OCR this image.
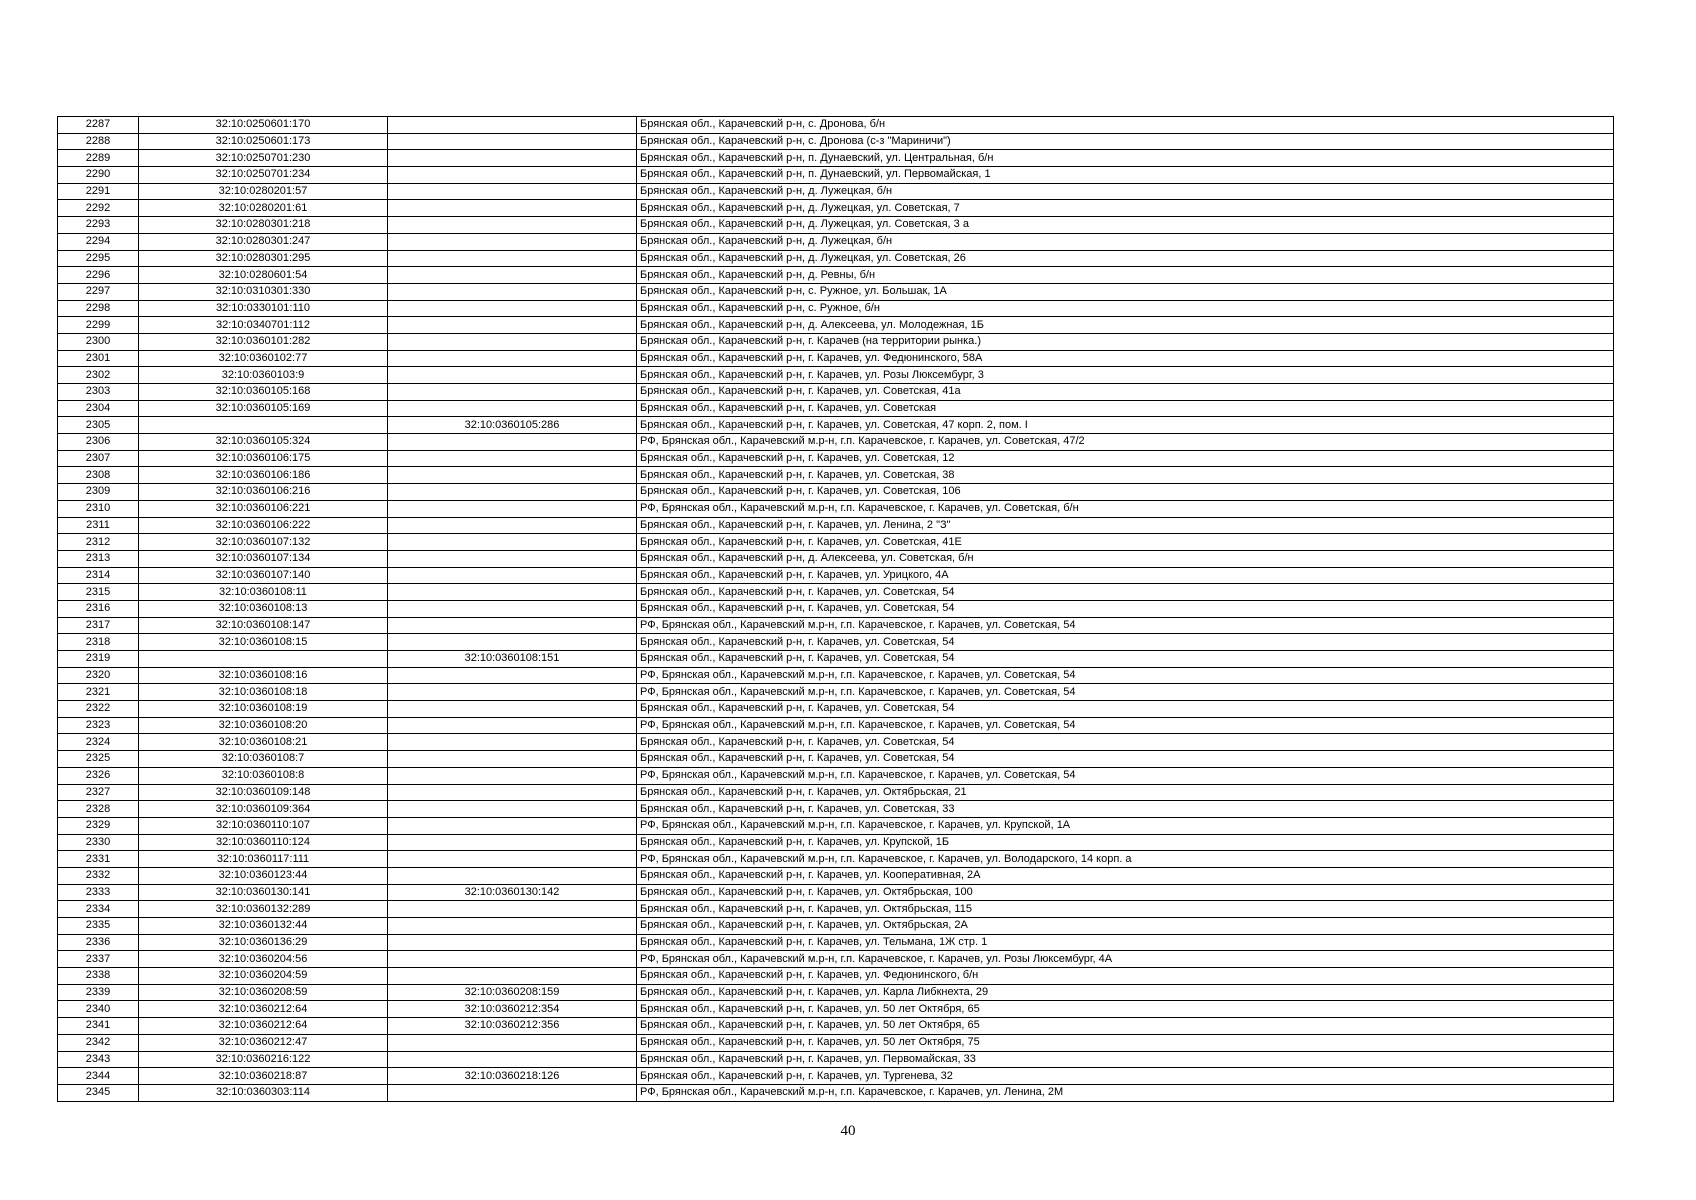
2287	32:10:0250601:170		Брянская обл., Карачевский р-н, с. Дронова, б/н
2288	32:10:0250601:173		Брянская обл., Карачевский р-н, с. Дронова (с-з "Мариничи")
2289	32:10:0250701:230		Брянская обл., Карачевский р-н, п. Дунаевский, ул. Центральная, б/н
2290	32:10:0250701:234		Брянская обл., Карачевский р-н, п. Дунаевский, ул. Первомайская, 1
2291	32:10:0280201:57		Брянская обл., Карачевский р-н, д. Лужецкая, б/н
2292	32:10:0280201:61		Брянская обл., Карачевский р-н, д. Лужецкая, ул. Советская, 7
2293	32:10:0280301:218		Брянская обл., Карачевский р-н, д. Лужецкая, ул. Советская, 3 а
2294	32:10:0280301:247		Брянская обл., Карачевский р-н, д. Лужецкая, б/н
2295	32:10:0280301:295		Брянская обл., Карачевский р-н, д. Лужецкая, ул. Советская, 26
2296	32:10:0280601:54		Брянская обл., Карачевский р-н, д. Ревны, б/н
2297	32:10:0310301:330		Брянская обл., Карачевский р-н, с. Ружное, ул. Большак, 1А
2298	32:10:0330101:110		Брянская обл., Карачевский р-н, с. Ружное, б/н
2299	32:10:0340701:112		Брянская обл., Карачевский р-н, д. Алексеева, ул. Молодежная, 1Б
2300	32:10:0360101:282		Брянская обл., Карачевский р-н, г. Карачев (на территории рынка.)
2301	32:10:0360102:77		Брянская обл., Карачевский р-н, г. Карачев, ул. Федюнинского, 58А
2302	32:10:0360103:9		Брянская обл., Карачевский р-н, г. Карачев, ул. Розы Люксембург, 3
2303	32:10:0360105:168		Брянская обл., Карачевский р-н, г. Карачев, ул. Советская, 41а
2304	32:10:0360105:169		Брянская обл., Карачевский р-н, г. Карачев, ул. Советская
2305		32:10:0360105:286	Брянская обл., Карачевский р-н, г. Карачев, ул. Советская, 47 корп. 2, пом. I
2306	32:10:0360105:324		РФ, Брянская обл., Карачевский м.р-н, г.п. Карачевское, г. Карачев, ул. Советская, 47/2
2307	32:10:0360106:175		Брянская обл., Карачевский р-н, г. Карачев, ул. Советская, 12
2308	32:10:0360106:186		Брянская обл., Карачевский р-н, г. Карачев, ул. Советская, 38
2309	32:10:0360106:216		Брянская обл., Карачевский р-н, г. Карачев, ул. Советская, 106
2310	32:10:0360106:221		РФ, Брянская обл., Карачевский м.р-н, г.п. Карачевское, г. Карачев, ул. Советская, б/н
2311	32:10:0360106:222		Брянская обл., Карачевский р-н, г. Карачев, ул. Ленина, 2 "З"
2312	32:10:0360107:132		Брянская обл., Карачевский р-н, г. Карачев, ул. Советская, 41Е
2313	32:10:0360107:134		Брянская обл., Карачевский р-н, д. Алексеева, ул. Советская, б/н
2314	32:10:0360107:140		Брянская обл., Карачевский р-н, г. Карачев, ул. Урицкого, 4А
2315	32:10:0360108:11		Брянская обл., Карачевский р-н, г. Карачев, ул. Советская, 54
2316	32:10:0360108:13		Брянская обл., Карачевский р-н, г. Карачев, ул. Советская, 54
2317	32:10:0360108:147		РФ, Брянская обл., Карачевский м.р-н, г.п. Карачевское, г. Карачев, ул. Советская, 54
2318	32:10:0360108:15		Брянская обл., Карачевский р-н, г. Карачев, ул. Советская, 54
2319		32:10:0360108:151	Брянская обл., Карачевский р-н, г. Карачев, ул. Советская, 54
2320	32:10:0360108:16		РФ, Брянская обл., Карачевский м.р-н, г.п. Карачевское, г. Карачев, ул. Советская, 54
2321	32:10:0360108:18		РФ, Брянская обл., Карачевский м.р-н, г.п. Карачевское, г. Карачев, ул. Советская, 54
2322	32:10:0360108:19		Брянская обл., Карачевский р-н, г. Карачев, ул. Советская, 54
2323	32:10:0360108:20		РФ, Брянская обл., Карачевский м.р-н, г.п. Карачевское, г. Карачев, ул. Советская, 54
2324	32:10:0360108:21		Брянская обл., Карачевский р-н, г. Карачев, ул. Советская, 54
2325	32:10:0360108:7		Брянская обл., Карачевский р-н, г. Карачев, ул. Советская, 54
2326	32:10:0360108:8		РФ, Брянская обл., Карачевский м.р-н, г.п. Карачевское, г. Карачев, ул. Советская, 54
2327	32:10:0360109:148		Брянская обл., Карачевский р-н, г. Карачев, ул. Октябрьская, 21
2328	32:10:0360109:364		Брянская обл., Карачевский р-н, г. Карачев, ул. Советская, 33
2329	32:10:0360110:107		РФ, Брянская обл., Карачевский м.р-н, г.п. Карачевское, г. Карачев, ул. Крупской, 1А
2330	32:10:0360110:124		Брянская обл., Карачевский р-н, г. Карачев, ул. Крупской, 1Б
2331	32:10:0360117:111		РФ, Брянская обл., Карачевский м.р-н, г.п. Карачевское, г. Карачев, ул. Володарского, 14 корп. а
2332	32:10:0360123:44		Брянская обл., Карачевский р-н, г. Карачев, ул. Кооперативная, 2А
2333	32:10:0360130:141	32:10:0360130:142	Брянская обл., Карачевский р-н, г. Карачев, ул. Октябрьская, 100
2334	32:10:0360132:289		Брянская обл., Карачевский р-н, г. Карачев, ул. Октябрьская, 115
2335	32:10:0360132:44		Брянская обл., Карачевский р-н, г. Карачев, ул. Октябрьская, 2А
2336	32:10:0360136:29		Брянская обл., Карачевский р-н, г. Карачев, ул. Тельмана, 1Ж стр. 1
2337	32:10:0360204:56		РФ, Брянская обл., Карачевский м.р-н, г.п. Карачевское, г. Карачев, ул. Розы Люксембург, 4А
2338	32:10:0360204:59		Брянская обл., Карачевский р-н, г. Карачев, ул. Федюнинского, б/н
2339	32:10:0360208:59	32:10:0360208:159	Брянская обл., Карачевский р-н, г. Карачев, ул. Карла Либкнехта, 29
2340	32:10:0360212:64	32:10:0360212:354	Брянская обл., Карачевский р-н, г. Карачев, ул. 50 лет Октября, 65
2341	32:10:0360212:64	32:10:0360212:356	Брянская обл., Карачевский р-н, г. Карачев, ул. 50 лет Октября, 65
2342	32:10:0360212:47		Брянская обл., Карачевский р-н, г. Карачев, ул. 50 лет Октября, 75
2343	32:10:0360216:122		Брянская обл., Карачевский р-н, г. Карачев, ул. Первомайская, 33
2344	32:10:0360218:87	32:10:0360218:126	Брянская обл., Карачевский р-н, г. Карачев, ул. Тургенева, 32
2345	32:10:0360303:114		РФ, Брянская обл., Карачевский м.р-н, г.п. Карачевское, г. Карачев, ул. Ленина, 2М
40
